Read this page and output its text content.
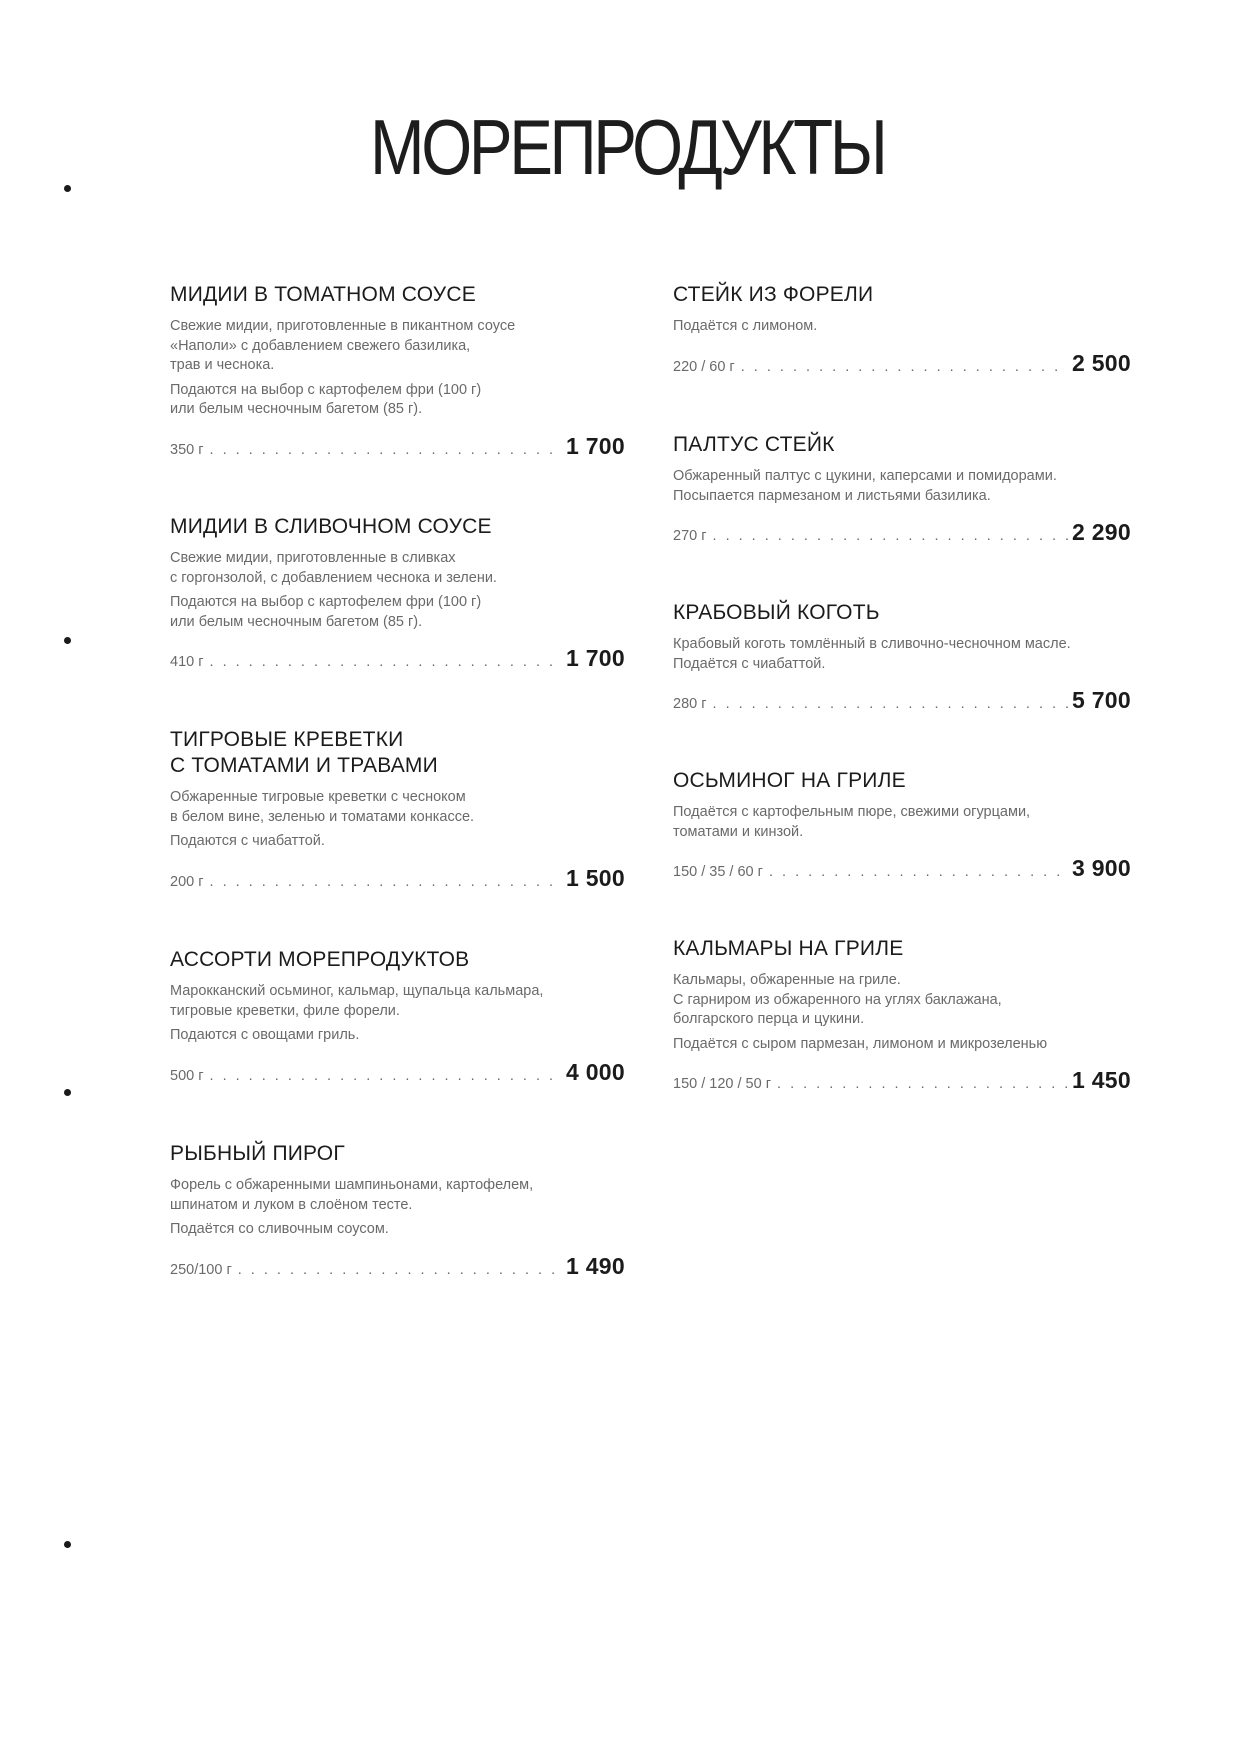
МОРЕПРОДУКТЫ
МИДИИ В ТОМАТНОМ СОУСЕ
Свежие мидии, приготовленные в пикантном соусе
«Наполи» с добавлением свежего базилика,
трав и чеснока.
Подаются на выбор с картофелем фри (100 г)
или белым чесночным багетом (85 г).
350 г . . .	1 700
МИДИИ В СЛИВОЧНОМ СОУСЕ
Свежие мидии, приготовленные в сливках
с горгонзолой, с добавлением чеснока и зелени.
Подаются на выбор с картофелем фри (100 г)
или белым чесночным багетом (85 г).
410 г . . .	1 700
ТИГРОВЫЕ КРЕВЕТКИ
С ТОМАТАМИ И ТРАВАМИ
Обжаренные тигровые креветки с чесноком
в белом вине, зеленью и томатами конкассе.
Подаются с чиабаттой.
200 г . . .	1 500
АССОРТИ МОРЕПРОДУКТОВ
Марокканский осьминог, кальмар, щупальца кальмара,
тигровые креветки, филе форели.
Подаются с овощами гриль.
500 г . . .	4 000
РЫБНЫЙ ПИРОГ
Форель с обжаренными шампиньонами, картофелем,
шпинатом и луком в слоёном тесте.
Подаётся со сливочным соусом.
250/100 г . . .	1 490
СТЕЙК ИЗ ФОРЕЛИ
Подаётся с лимоном.
220 / 60 г . . .	2 500
ПАЛТУС СТЕЙК
Обжаренный палтус с цукини, каперсами и помидорами.
Посыпается пармезаном и листьями базилика.
270 г . . .	2 290
КРАБОВЫЙ КОГОТЬ
Крабовый коготь томлённый в сливочно-чесночном масле.
Подаётся с чиабаттой.
280 г . . .	5 700
ОСЬМИНОГ НА ГРИЛЕ
Подаётся с картофельным пюре, свежими огурцами,
томатами и кинзой.
150 / 35 / 60 г . . .	3 900
КАЛЬМАРЫ НА ГРИЛЕ
Кальмары, обжаренные на гриле.
С гарниром из обжаренного на углях баклажана,
болгарского перца и цукини.
Подаётся с сыром пармезан, лимоном и микрозеленью
150 / 120 / 50 г . . .	1 450
